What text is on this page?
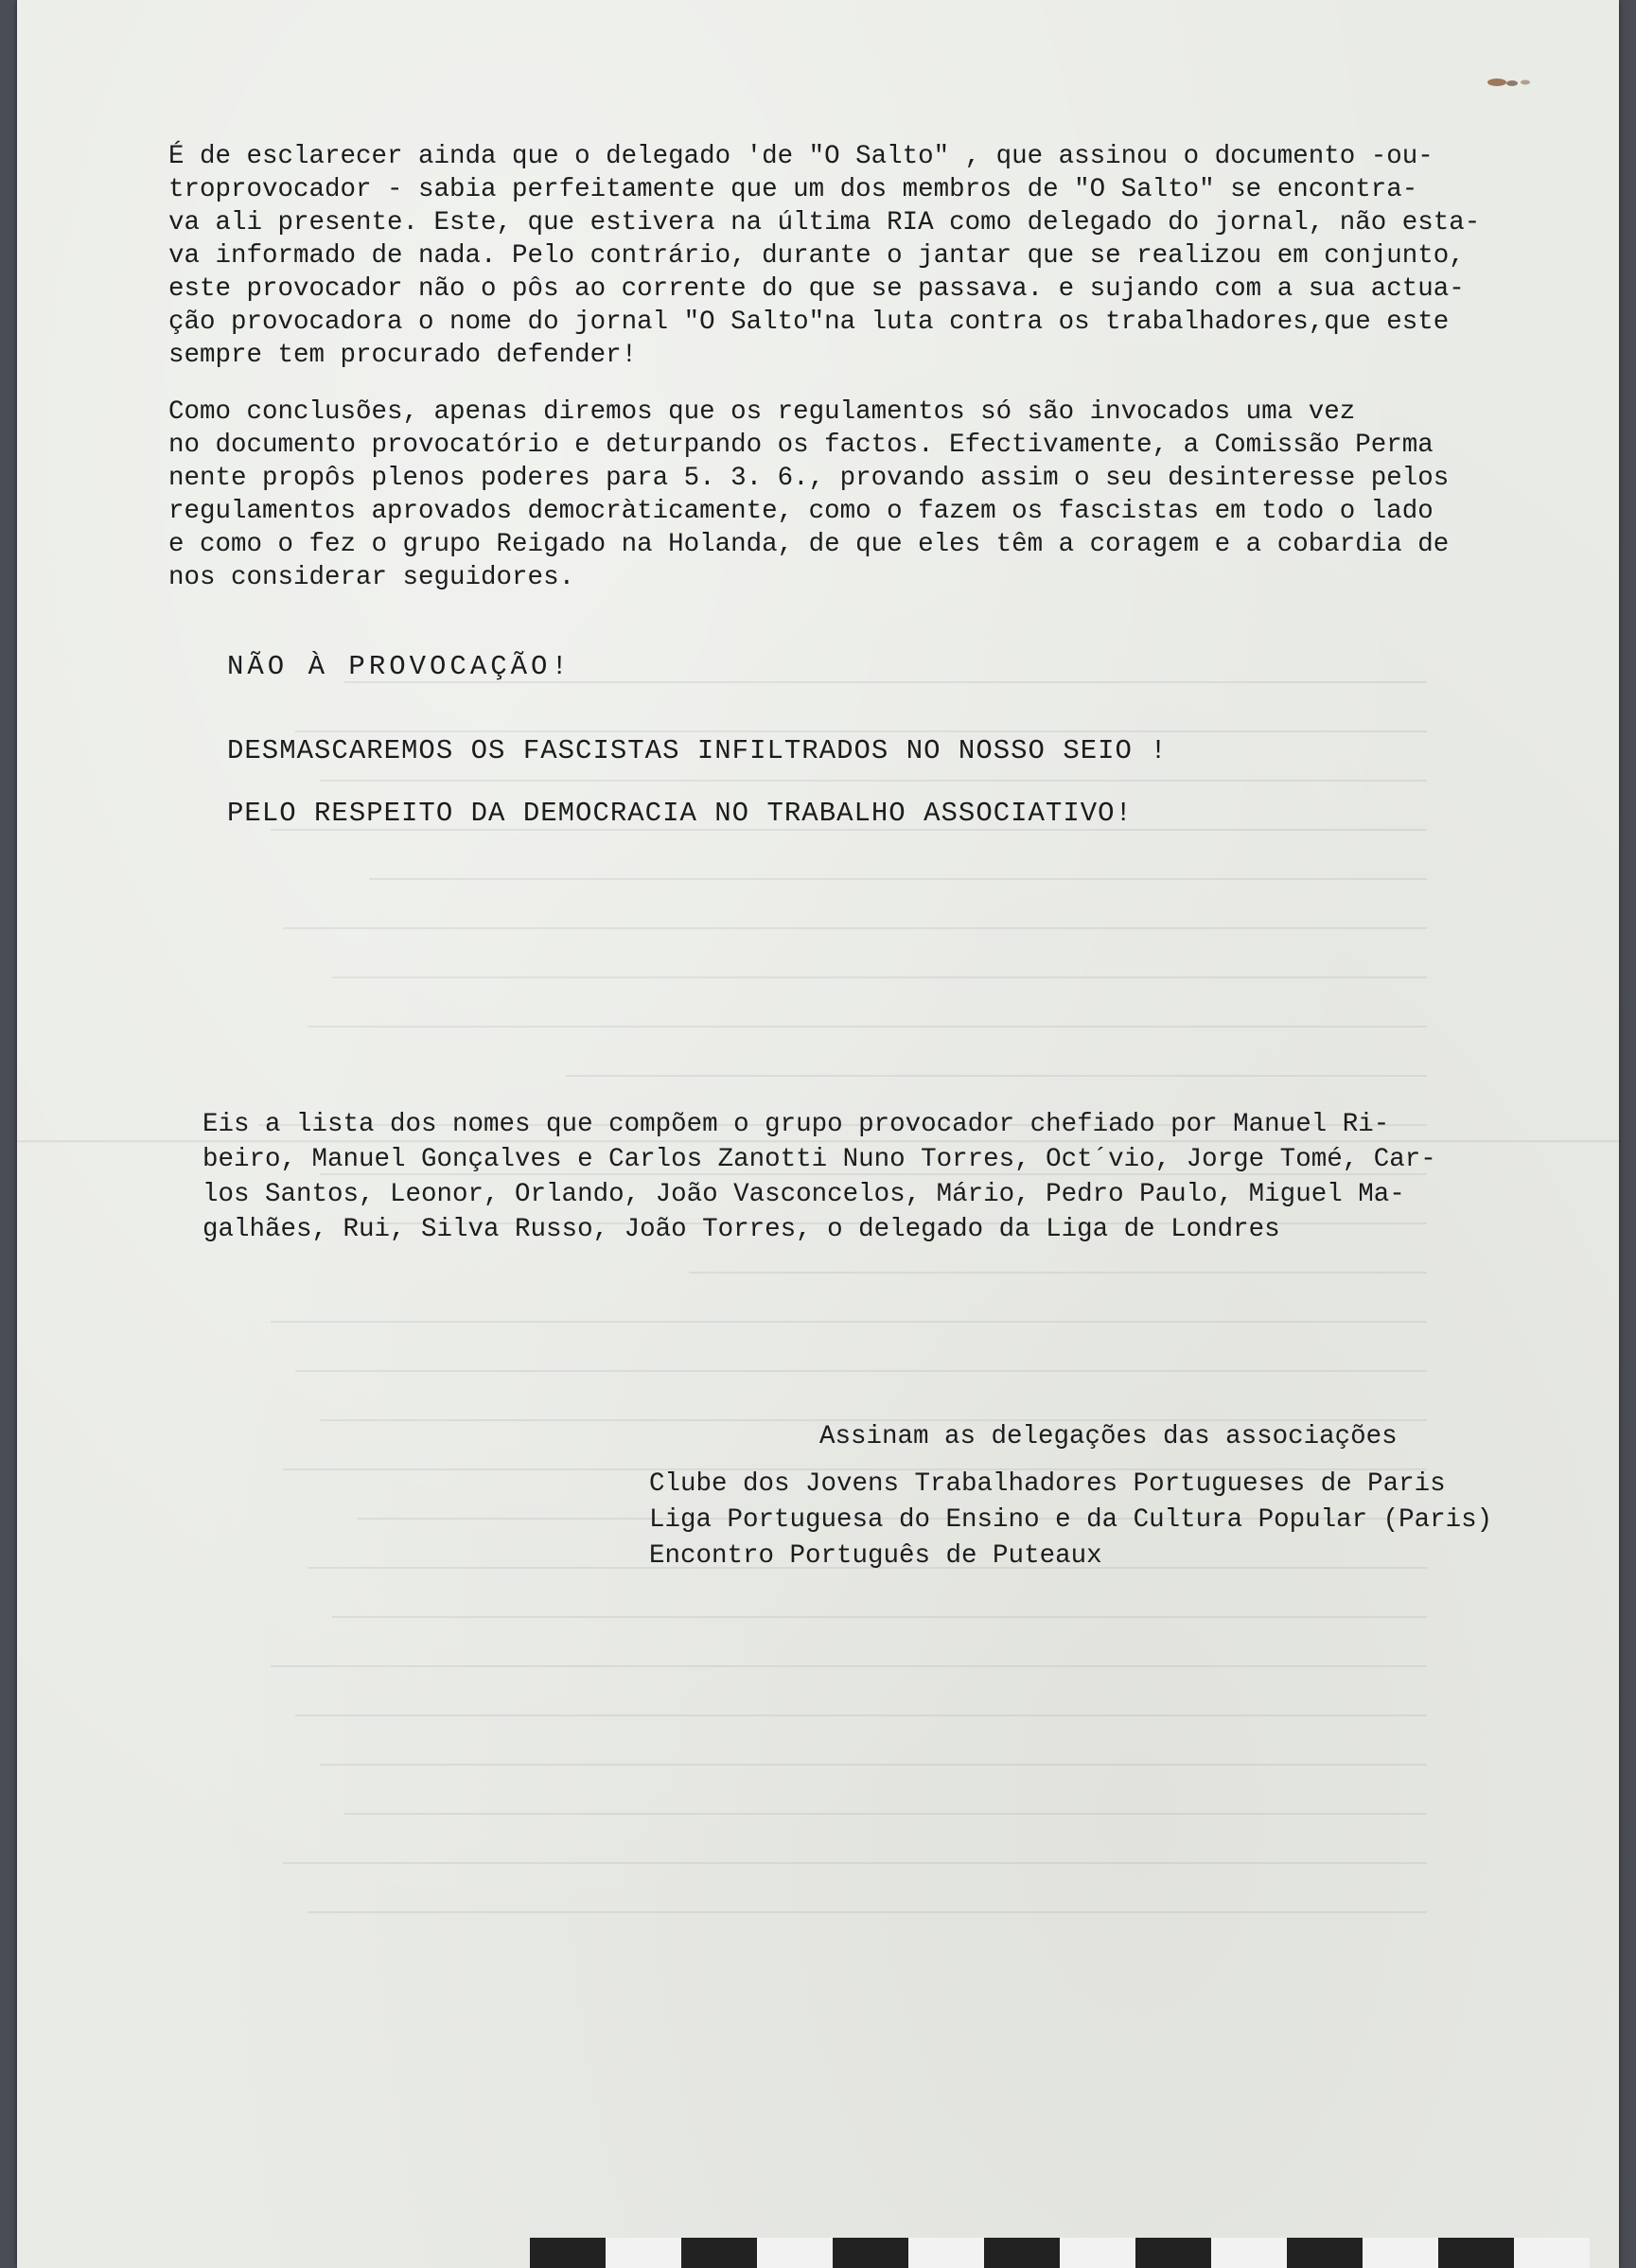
É de esclarecer ainda que o delegado 'de "O Salto" , que assinou o documento -ou-
troprovocador - sabia perfeitamente que um dos membros de "O Salto" se encontra-
va ali presente. Este, que estivera na última RIA como delegado do jornal, não esta-
va informado de nada. Pelo contrário, durante o jantar que se realizou em conjunto,
este provocador não o pôs ao corrente do que se passava. e sujando com a sua actua-
ção provocadora o nome do jornal "O Salto"na luta contra os trabalhadores,que este
sempre tem procurado defender!

Como conclusões, apenas diremos que os regulamentos só são invocados uma vez
no documento provocatório e deturpando os factos. Efectivamente, a Comissão Perma
nente propôs plenos poderes para 5. 3. 6., provando assim o seu desinteresse pelos
regulamentos aprovados democràticamente, como o fazem os fascistas em todo o lado
e como o fez o grupo Reigado na Holanda, de que eles têm a coragem e a cobardia de
nos considerar seguidores.

NÃO À PROVOCAÇÃO!

DESMASCAREMOS OS FASCISTAS INFILTRADOS NO NOSSO SEIO !

PELO RESPEITO DA DEMOCRACIA NO TRABALHO ASSOCIATIVO!

Eis a lista dos nomes que compõem o grupo provocador chefiado por Manuel Ri-
beiro, Manuel Gonçalves e Carlos Zanotti Nuno Torres, Oct´vio, Jorge Tomé, Car-
los Santos, Leonor, Orlando, João Vasconcelos, Mário, Pedro Paulo, Miguel Ma-
galhães, Rui, Silva Russo, João Torres, o delegado da Liga de Londres

Assinam as delegações das associações
Clube dos Jovens Trabalhadores Portugueses de Paris
Liga Portuguesa do Ensino e da Cultura Popular (Paris)
Encontro Português de Puteaux
